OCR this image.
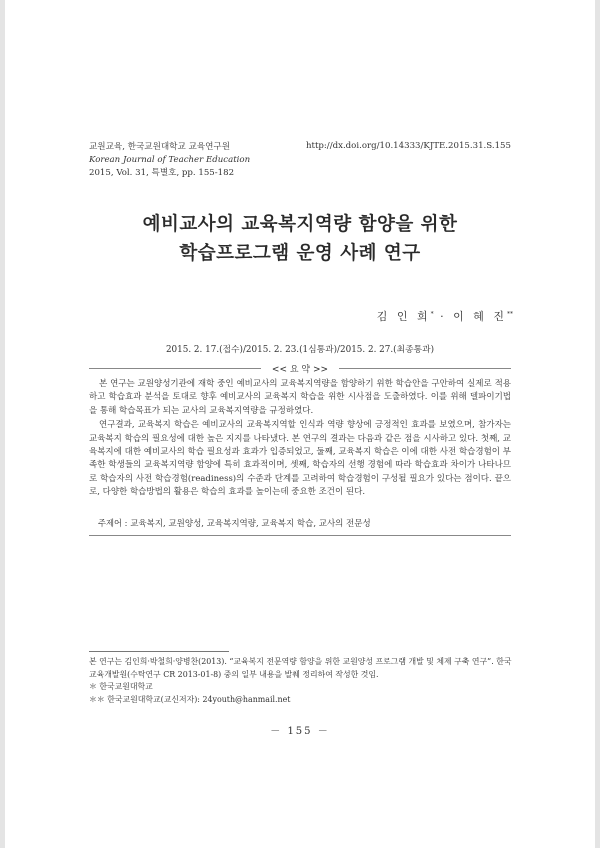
교원교육, 한국교원대학교 교육연구원
Korean Journal of Teacher Education
2015, Vol. 31, 특별호, pp. 155-182
http://dx.doi.org/10.14333/KJTE.2015.31.S.155
예비교사의 교육복지역량 함양을 위한
학습프로그램 운영 사례 연구
김 인 희* · 이 혜 진**
2015. 2. 17.(접수)/2015. 2. 23.(1심통과)/2015. 2. 27.(최종통과)
<< 요 약 >>

본 연구는 교원양성기관에 재학 중인 예비교사의 교육복지역량을 함양하기 위한 학습안을 구안하여 실제로 적용하고 학습효과 분석을 토대로 향후 예비교사의 교육복지 학습을 위한 시사점을 도출하였다. 이를 위해 델파이기법을 통해 학습목표가 되는 교사의 교육복지역량을 규정하였다.

연구결과, 교육복지 학습은 예비교사의 교육복지역할 인식과 역량 향상에 긍정적인 효과를 보였으며, 참가자는 교육복지 학습의 필요성에 대한 높은 지지를 나타냈다. 본 연구의 결과는 다음과 같은 점을 시사하고 있다. 첫째, 교육복지에 대한 예비교사의 학습 필요성과 효과가 입증되었고, 둘째, 교육복지 학습은 이에 대한 사전 학습경험이 부족한 학생들의 교육복지역량 함양에 특히 효과적이며, 셋째, 학습자의 선행 경험에 따라 학습효과 차이가 나타나므로 학습자의 사전 학습경험(readiness)의 수준과 단계를 고려하여 학습경험이 구성될 필요가 있다는 점이다. 끝으로, 다양한 학습방법의 활용은 학습의 효과를 높이는데 중요한 조건이 된다.

주제어 : 교육복지, 교원양성, 교육복지역량, 교육복지 학습, 교사의 전문성
본 연구는 김인희·박철희·양병찬(2013). “교육복지 전문역량 함양을 위한 교원양성 프로그램 개발 및 체제 구축 연구”. 한국교육개발원(수탁연구 CR 2013-01-8) 중의 일부 내용을 발췌 정리하여 작성한 것임.
＊ 한국교원대학교
＊＊ 한국교원대학교(교신저자): 24youth@hanmail.net
－ 155 －
